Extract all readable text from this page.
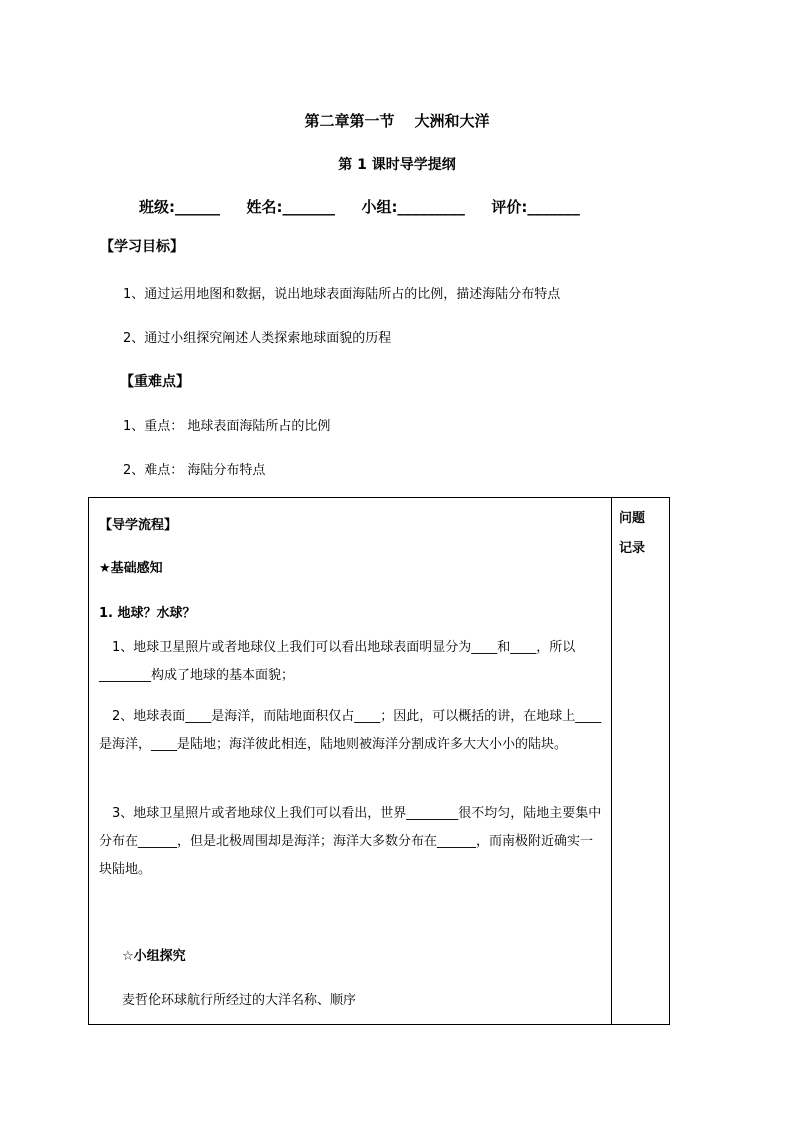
第二章第一节 大洲和大洋
第 1 课时导学提纲
班级:______ 姓名:_______ 小组:_________ 评价:_______
【学习目标】
1、通过运用地图和数据，说出地球表面海陆所占的比例，描述海陆分布特点
2、通过小组探究阐述人类探索地球面貌的历程
【重难点】
1、重点： 地球表面海陆所占的比例
2、难点： 海陆分布特点
问题
记录
【导学流程】
★基础感知
1. 地球？水球？
1、地球卫星照片或者地球仪上我们可以看出地球表面明显分为____和____，所以________构成了地球的基本面貌；
2、地球表面____是海洋，而陆地面积仅占____；因此，可以概括的讲，在地球上____是海洋，____是陆地；海洋彼此相连，陆地则被海洋分割成许多大大小小的陆块。
3、地球卫星照片或者地球仪上我们可以看出，世界________很不均匀，陆地主要集中分布在______，但是北极周围却是海洋；海洋大多数分布在______，而南极附近确实一块陆地。
☆小组探究
麦哲伦环球航行所经过的大洋名称、顺序
